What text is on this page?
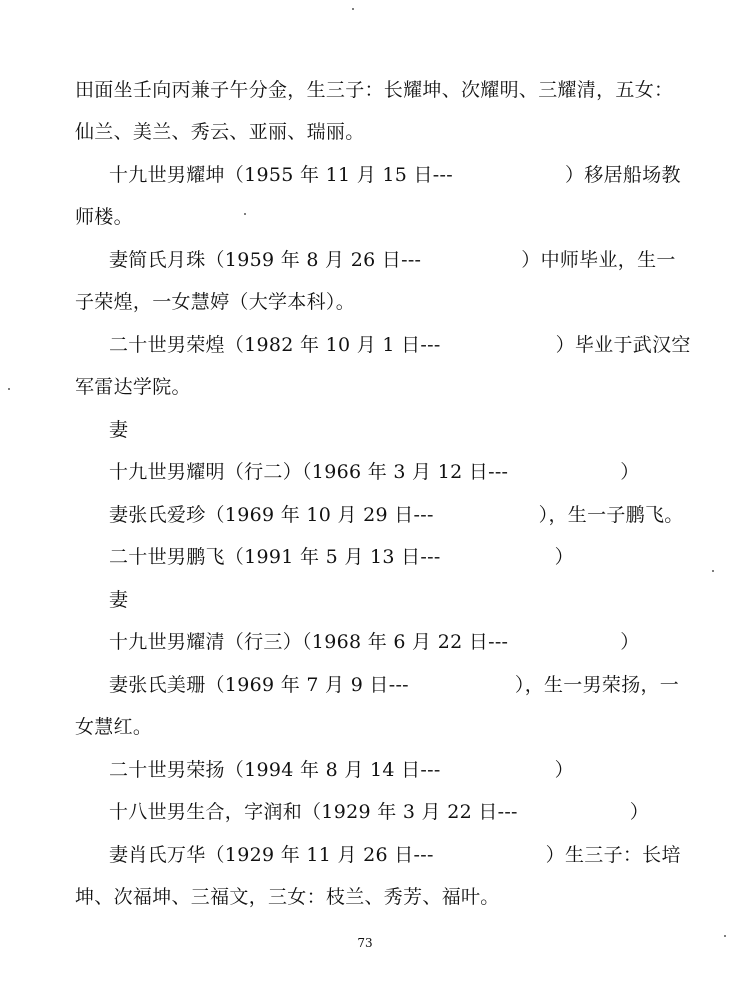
田面坐壬向丙兼子午分金，生三子：长耀坤、次耀明、三耀清，五女：
仙兰、美兰、秀云、亚丽、瑞丽。
十九世男耀坤（1955 年 11 月 15 日---	）移居船场教
师楼。
妻简氏月珠（1959 年 8 月 26 日---	）中师毕业，生一
子荣煌，一女慧婷（大学本科）。
二十世男荣煌（1982 年 10 月 1 日---	）毕业于武汉空
军雷达学院。
妻
十九世男耀明（行二）（1966 年 3 月 12 日---	）
妻张氏爱珍（1969 年 10 月 29 日---	），生一子鹏飞。
二十世男鹏飞（1991 年 5 月 13 日---	）
妻
十九世男耀清（行三）（1968 年 6 月 22 日---	）
妻张氏美珊（1969 年 7 月 9 日---	），生一男荣扬，一
女慧红。
二十世男荣扬（1994 年 8 月 14 日---	）
十八世男生合，字润和（1929 年 3 月 22 日---	）
妻肖氏万华（1929 年 11 月 26 日---	）生三子：长培
坤、次福坤、三福文，三女：枝兰、秀芳、福叶。
73
